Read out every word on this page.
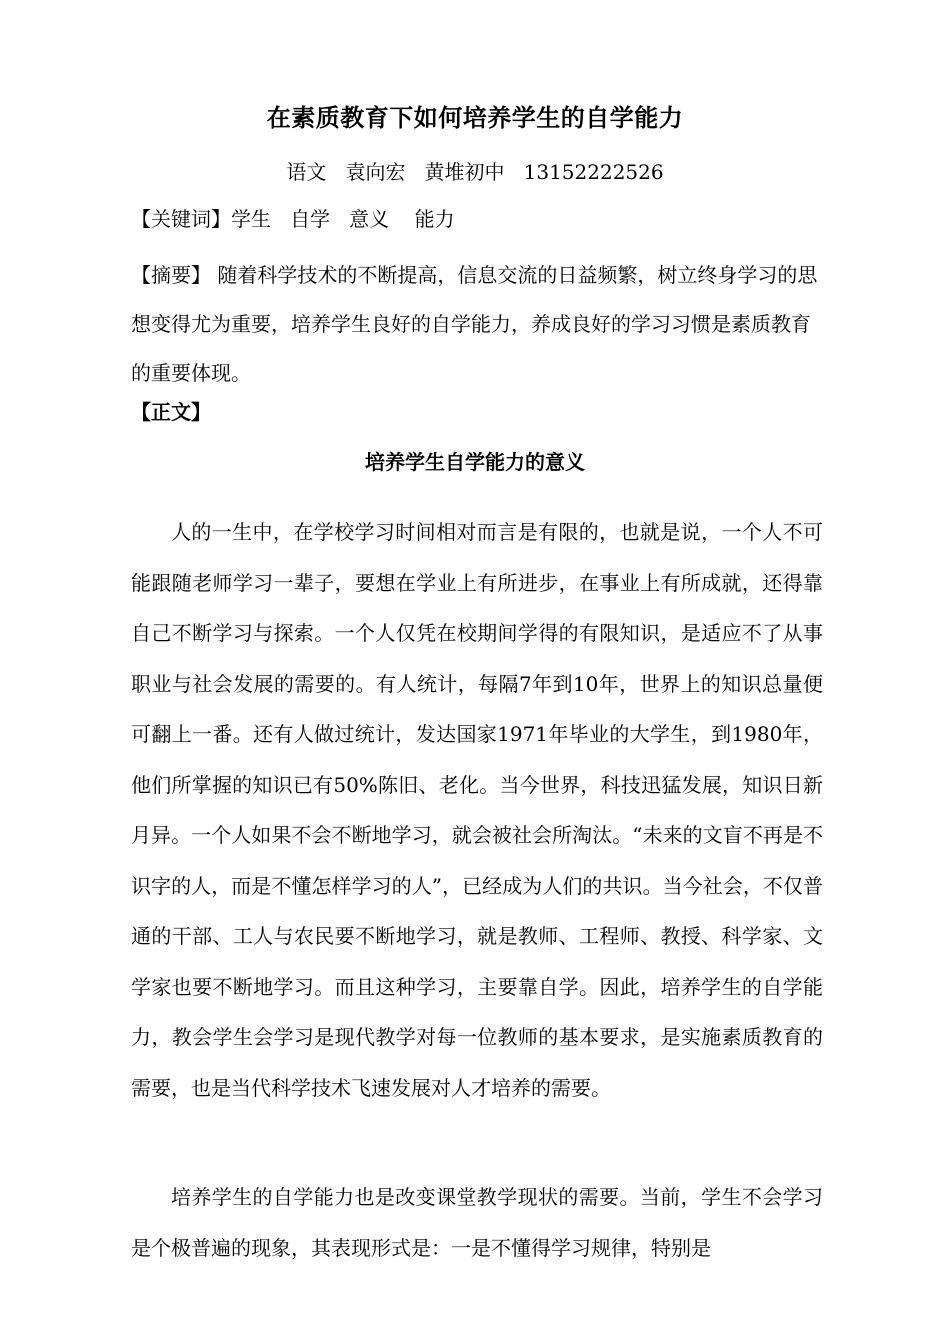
在素质教育下如何培养学生的自学能力
语文   袁向宏   黄堆初中   13152222526
【关键词】学生   自学   意义    能力
【摘要】 随着科学技术的不断提高，信息交流的日益频繁，树立终身学习的思想变得尤为重要，培养学生良好的自学能力，养成良好的学习习惯是素质教育的重要体现。
【正文】
培养学生自学能力的意义

人的一生中，在学校学习时间相对而言是有限的，也就是说，一个人不可能跟随老师学习一辈子，要想在学业上有所进步，在事业上有所成就，还得靠自己不断学习与探索。一个人仅凭在校期间学得的有限知识，是适应不了从事职业与社会发展的需要的。有人统计，每隔7年到10年，世界上的知识总量便可翻上一番。还有人做过统计，发达国家1971年毕业的大学生，到1980年，他们所掌握的知识已有50%陈旧、老化。当今世界，科技迅猛发展，知识日新月异。一个人如果不会不断地学习，就会被社会所淘汰。“未来的文盲不再是不识字的人，而是不懂怎样学习的人”，已经成为人们的共识。当今社会，不仅普通的干部、工人与农民要不断地学习，就是教师、工程师、教授、科学家、文学家也要不断地学习。而且这种学习，主要靠自学。因此，培养学生的自学能力，教会学生会学习是现代教学对每一位教师的基本要求，是实施素质教育的需要，也是当代科学技术飞速发展对人才培养的需要。

培养学生的自学能力也是改变课堂教学现状的需要。当前，学生不会学习是个极普遍的现象，其表现形式是：一是不懂得学习规律，特别是
